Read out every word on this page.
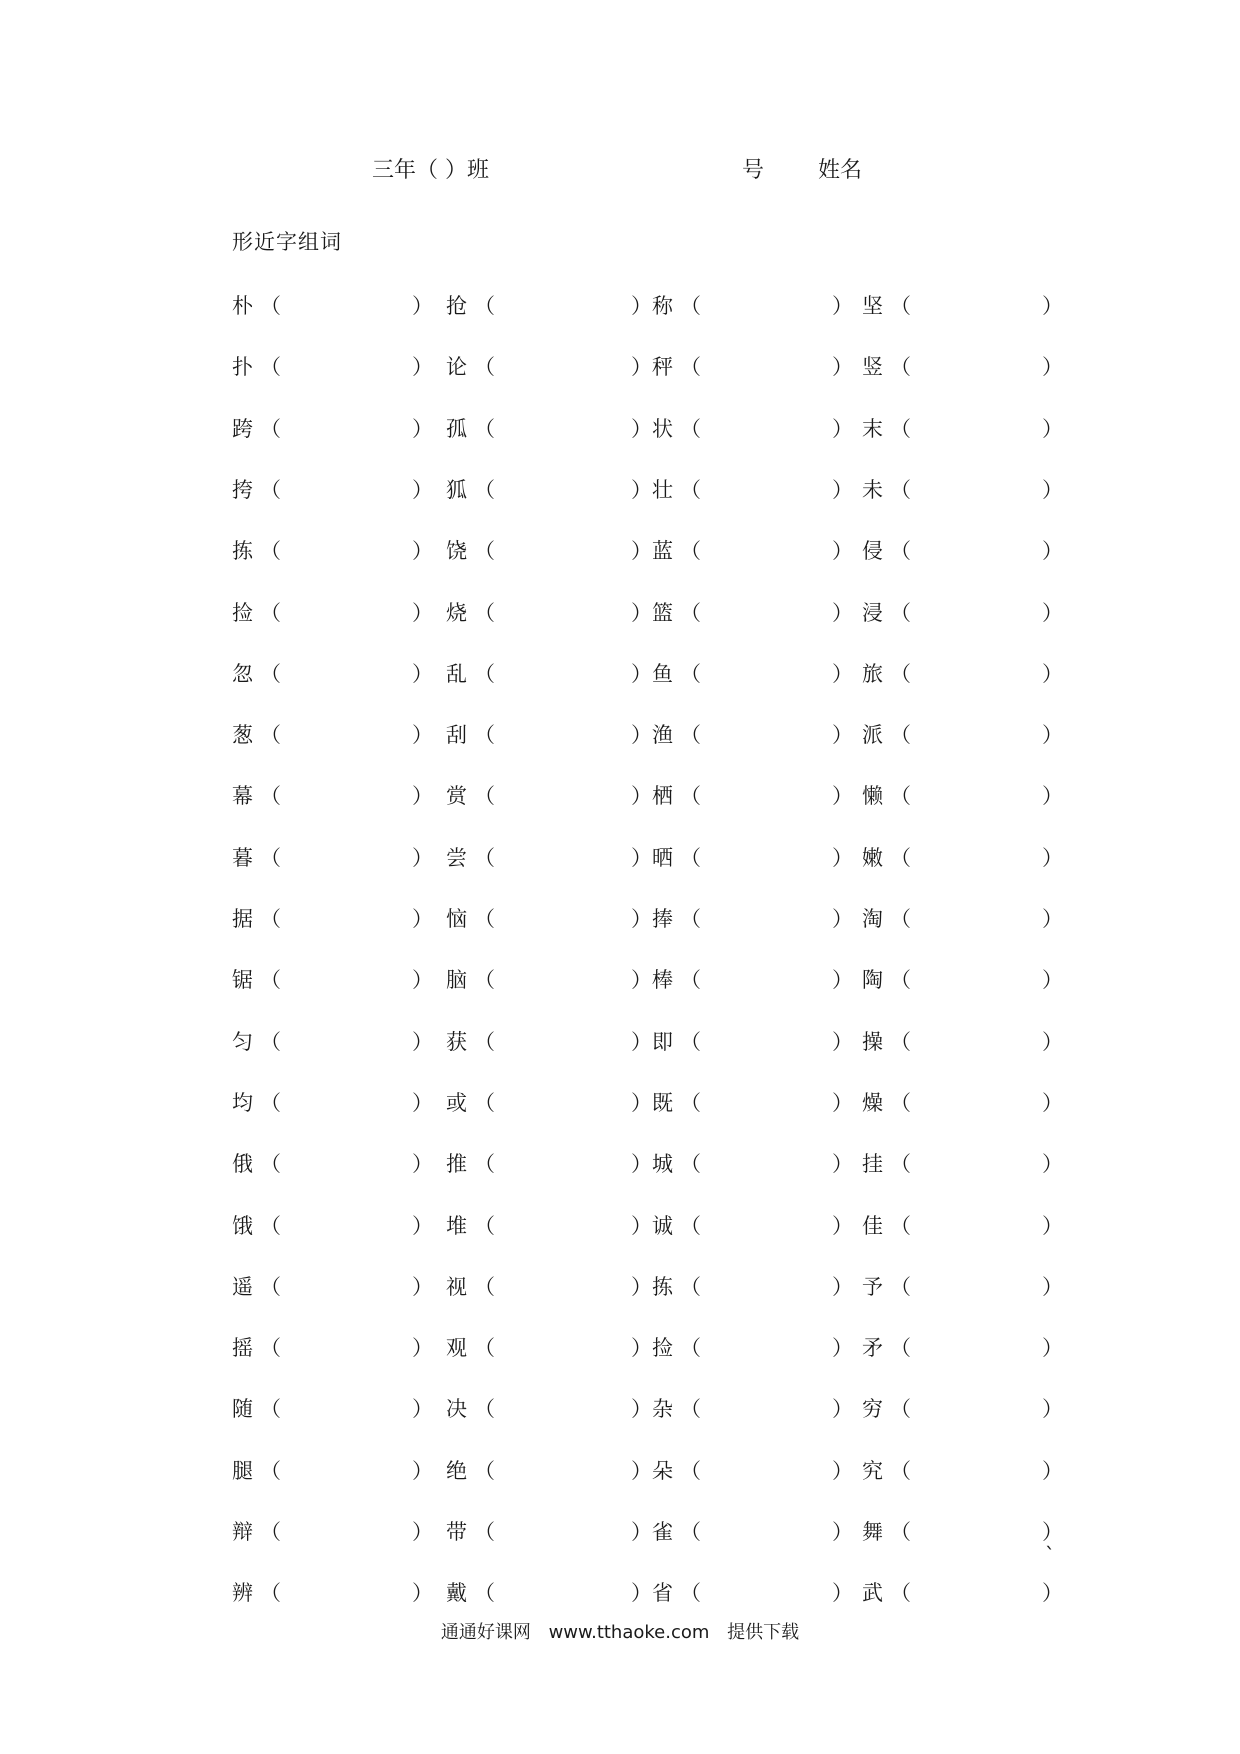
三年（ ）班	号 姓名
形近字组词
朴 （	） 抢 （	） 称 （	） 坚 （	）
扑 （	） 论 （	） 秤 （	） 竖 （	）
跨 （	） 孤 （	） 状 （	） 末 （	）
挎 （	） 狐 （	） 壮 （	） 未 （	）
拣 （	） 饶 （	） 蓝 （	） 侵 （	）
捡 （	） 烧 （	） 篮 （	） 浸 （	）
忽 （	） 乱 （	） 鱼 （	） 旅 （	）
葱 （	） 刮 （	） 渔 （	） 派 （	）
幕 （	） 赏 （	） 栖 （	） 懒 （	）
暮 （	） 尝 （	） 晒 （	） 嫩 （	）
据 （	） 恼 （	） 捧 （	） 淘 （	）
锯 （	） 脑 （	） 棒 （	） 陶 （	）
匀 （	） 获 （	） 即 （	） 操 （	）
均 （	） 或 （	） 既 （	） 燥 （	）
俄 （	） 推 （	） 城 （	） 挂 （	）
饿 （	） 堆 （	） 诚 （	） 佳 （	）
遥 （	） 视 （	） 拣 （	） 予 （	）
摇 （	） 观 （	） 捡 （	） 矛 （	）
随 （	） 决 （	） 杂 （	） 穷 （	）
腿 （	） 绝 （	） 朵 （	） 究 （	）
辩 （	） 带 （	） 雀 （	） 舞 （	）
辨 （	） 戴 （	） 省 （	） 武 （	）
`
通通好课网 www.tthaoke.com 提供下载
